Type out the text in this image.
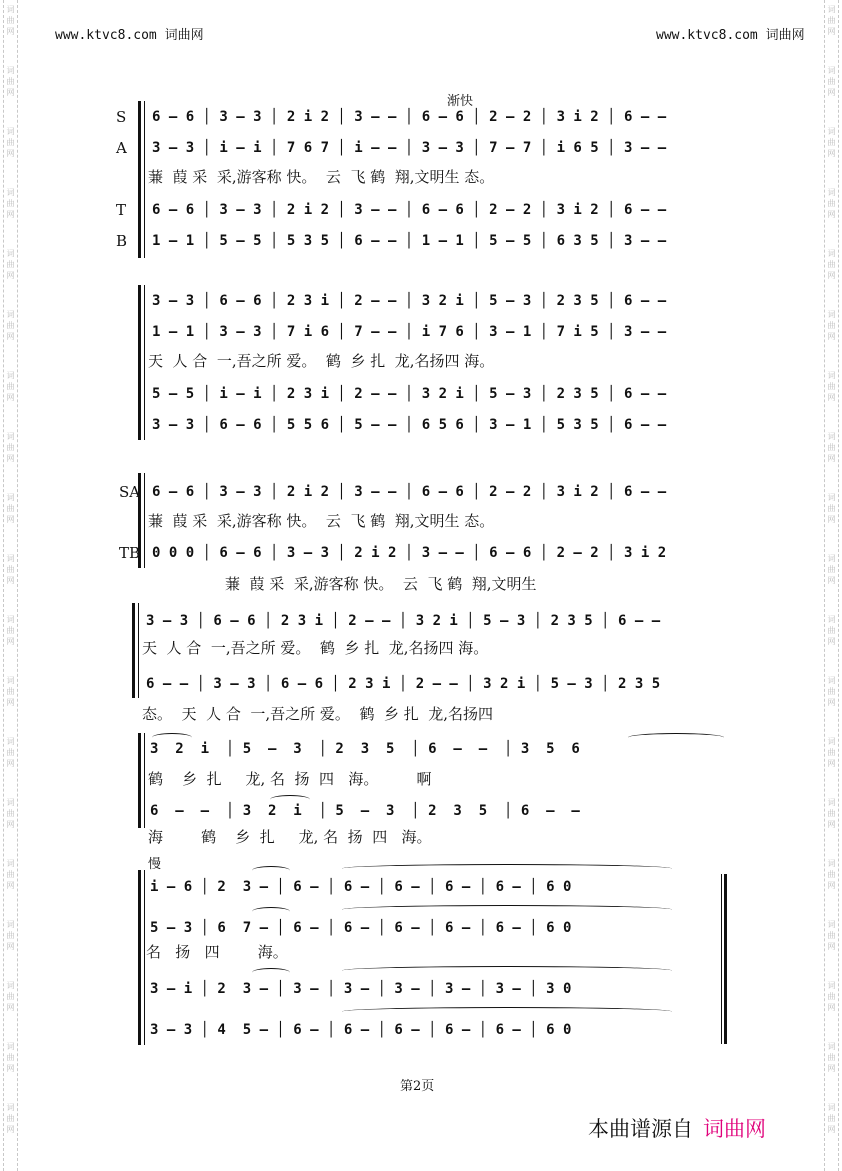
www.ktvc8.com 词曲网	www.ktvc8.com 词曲网
渐快
S
A
T
B
6 – 6 │ 3 – 3 │ 2 i 2 │ 3 – – │ 6 – 6 │ 2 – 2 │ 3 i 2 │ 6 – –
3 – 3 │ i – i │ 7 6 7 │ i – – │ 3 – 3 │ 7 – 7 │ i 6 5 │ 3 – –
蒹  葭 采  采,游客称 快。  云  飞 鹤  翔,文明生 态。
6 – 6 │ 3 – 3 │ 2 i 2 │ 3 – – │ 6 – 6 │ 2 – 2 │ 3 i 2 │ 6 – –
1 – 1 │ 5 – 5 │ 5 3 5 │ 6 – – │ 1 – 1 │ 5 – 5 │ 6 3 5 │ 3 – –
3 – 3 │ 6 – 6 │ 2 3 i │ 2 – – │ 3 2 i │ 5 – 3 │ 2 3 5 │ 6 – –
1 – 1 │ 3 – 3 │ 7 i 6 │ 7 – – │ i 7 6 │ 3 – 1 │ 7 i 5 │ 3 – –
天  人 合  一,吾之所 爱。  鹤  乡 扎  龙,名扬四 海。
5 – 5 │ i – i │ 2 3 i │ 2 – – │ 3 2 i │ 5 – 3 │ 2 3 5 │ 6 – –
3 – 3 │ 6 – 6 │ 5 5 6 │ 5 – – │ 6 5 6 │ 3 – 1 │ 5 3 5 │ 6 – –
SA
TB
6 – 6 │ 3 – 3 │ 2 i 2 │ 3 – – │ 6 – 6 │ 2 – 2 │ 3 i 2 │ 6 – –
蒹  葭 采  采,游客称 快。  云  飞 鹤  翔,文明生 态。
0 0 0 │ 6 – 6 │ 3 – 3 │ 2 i 2 │ 3 – – │ 6 – 6 │ 2 – 2 │ 3 i 2
蒹  葭 采  采,游客称 快。  云  飞 鹤  翔,文明生
3 – 3 │ 6 – 6 │ 2 3 i │ 2 – – │ 3 2 i │ 5 – 3 │ 2 3 5 │ 6 – –
天  人 合  一,吾之所 爱。  鹤  乡 扎  龙,名扬四 海。
6 – – │ 3 – 3 │ 6 – 6 │ 2 3 i │ 2 – – │ 3 2 i │ 5 – 3 │ 2 3 5
态。  天  人 合  一,吾之所 爱。  鹤  乡 扎  龙,名扬四
3  2  i  │ 5  –  3  │ 2  3  5  │ 6  –  –  │ 3  5  6
鹤    乡  扎     龙, 名  扬  四   海。        啊
6  –  –  │ 3  2  i  │ 5  –  3  │ 2  3  5  │ 6  –  –
海        鹤    乡  扎     龙, 名  扬  四   海。
慢
i – 6 │ 2  3 – │ 6 – │ 6 – │ 6 – │ 6 – │ 6 – │ 6 0
5 – 3 │ 6  7 – │ 6 – │ 6 – │ 6 – │ 6 – │ 6 – │ 6 0
名   扬   四        海。
3 – i │ 2  3 – │ 3 – │ 3 – │ 3 – │ 3 – │ 3 – │ 3 0
3 – 3 │ 4  5 – │ 6 – │ 6 – │ 6 – │ 6 – │ 6 – │ 6 0
第2页
本曲谱源自 词曲网
词
曲
网
词
曲
网
词
曲
网
词
曲
网
词
曲
网
词
曲
网
词
曲
网
词
曲
网
词
曲
网
词
曲
网
词
曲
网
词
曲
网
词
曲
网
词
曲
网
词
曲
网
词
曲
网
词
曲
网
词
曲
网
词
曲
网
词
曲
网
词
曲
网
词
曲
网
词
曲
网
词
曲
网
词
曲
网
词
曲
网
词
曲
网
词
曲
网
词
曲
网
词
曲
网
词
曲
网
词
曲
网
词
曲
网
词
曲
网
词
曲
网
词
曲
网
词
曲
网
词
曲
网
